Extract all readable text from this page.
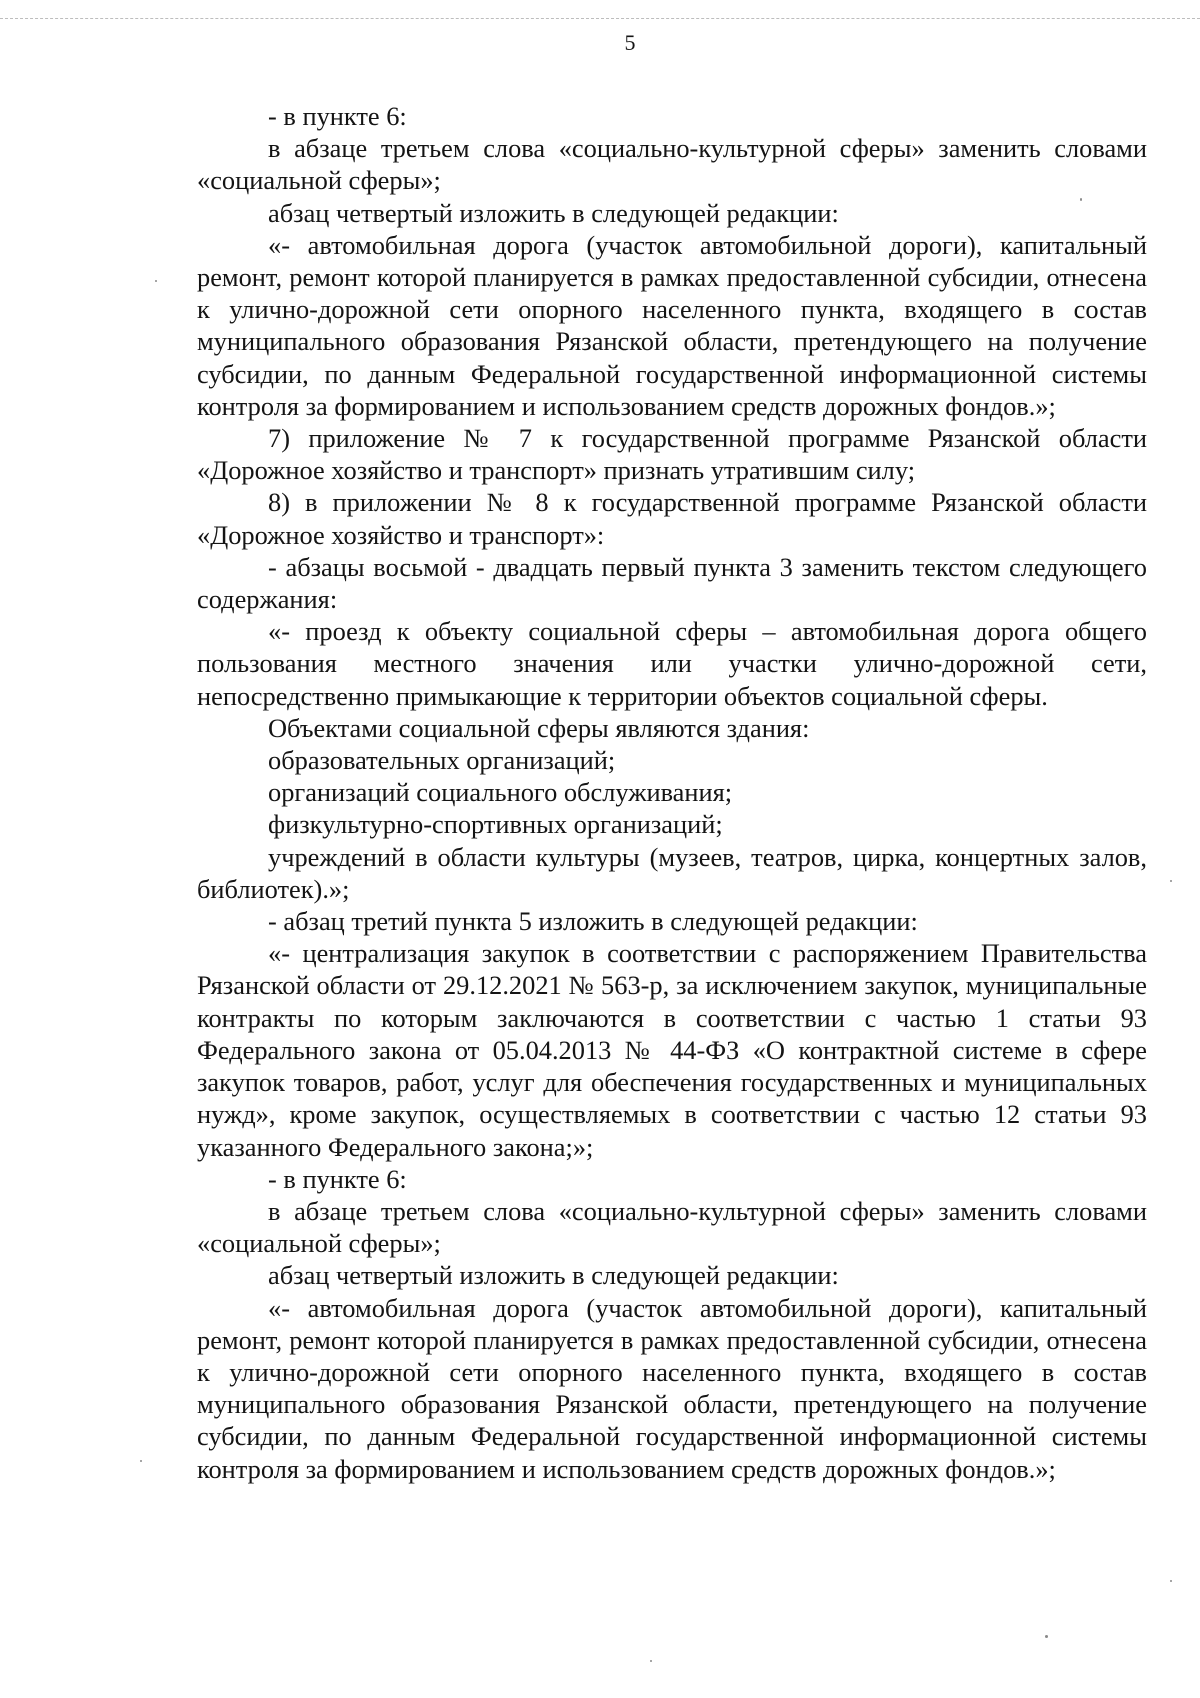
5

- в пункте 6:

в абзаце третьем слова «социально-культурной сферы» заменить словами «социальной сферы»;

абзац четвертый изложить в следующей редакции:

«- автомобильная дорога (участок автомобильной дороги), капитальный ремонт, ремонт которой планируется в рамках предоставленной субсидии, отнесена к улично-дорожной сети опорного населенного пункта, входящего в состав муниципального образования Рязанской области, претендующего на получение субсидии, по данным Федеральной государственной информационной системы контроля за формированием и использованием средств дорожных фондов.»;

7) приложение № 7 к государственной программе Рязанской области «Дорожное хозяйство и транспорт» признать утратившим силу;

8) в приложении № 8 к государственной программе Рязанской области «Дорожное хозяйство и транспорт»:

- абзацы восьмой - двадцать первый пункта 3 заменить текстом следующего содержания:

«- проезд к объекту социальной сферы – автомобильная дорога общего пользования местного значения или участки улично-дорожной сети, непосредственно примыкающие к территории объектов социальной сферы.

Объектами социальной сферы являются здания:

образовательных организаций;

организаций социального обслуживания;

физкультурно-спортивных организаций;

учреждений в области культуры (музеев, театров, цирка, концертных залов, библиотек).»;

- абзац третий пункта 5 изложить в следующей редакции:

«- централизация закупок в соответствии с распоряжением Правительства Рязанской области от 29.12.2021 № 563-р, за исключением закупок, муниципальные контракты по которым заключаются в соответствии с частью 1 статьи 93 Федерального закона от 05.04.2013 № 44-ФЗ «О контрактной системе в сфере закупок товаров, работ, услуг для обеспечения государственных и муниципальных нужд», кроме закупок, осуществляемых в соответствии с частью 12 статьи 93 указанного Федерального закона;»;

- в пункте 6:

в абзаце третьем слова «социально-культурной сферы» заменить словами «социальной сферы»;

абзац четвертый изложить в следующей редакции:

«- автомобильная дорога (участок автомобильной дороги), капитальный ремонт, ремонт которой планируется в рамках предоставленной субсидии, отнесена к улично-дорожной сети опорного населенного пункта, входящего в состав муниципального образования Рязанской области, претендующего на получение субсидии, по данным Федеральной государственной информационной системы контроля за формированием и использованием средств дорожных фондов.»;
